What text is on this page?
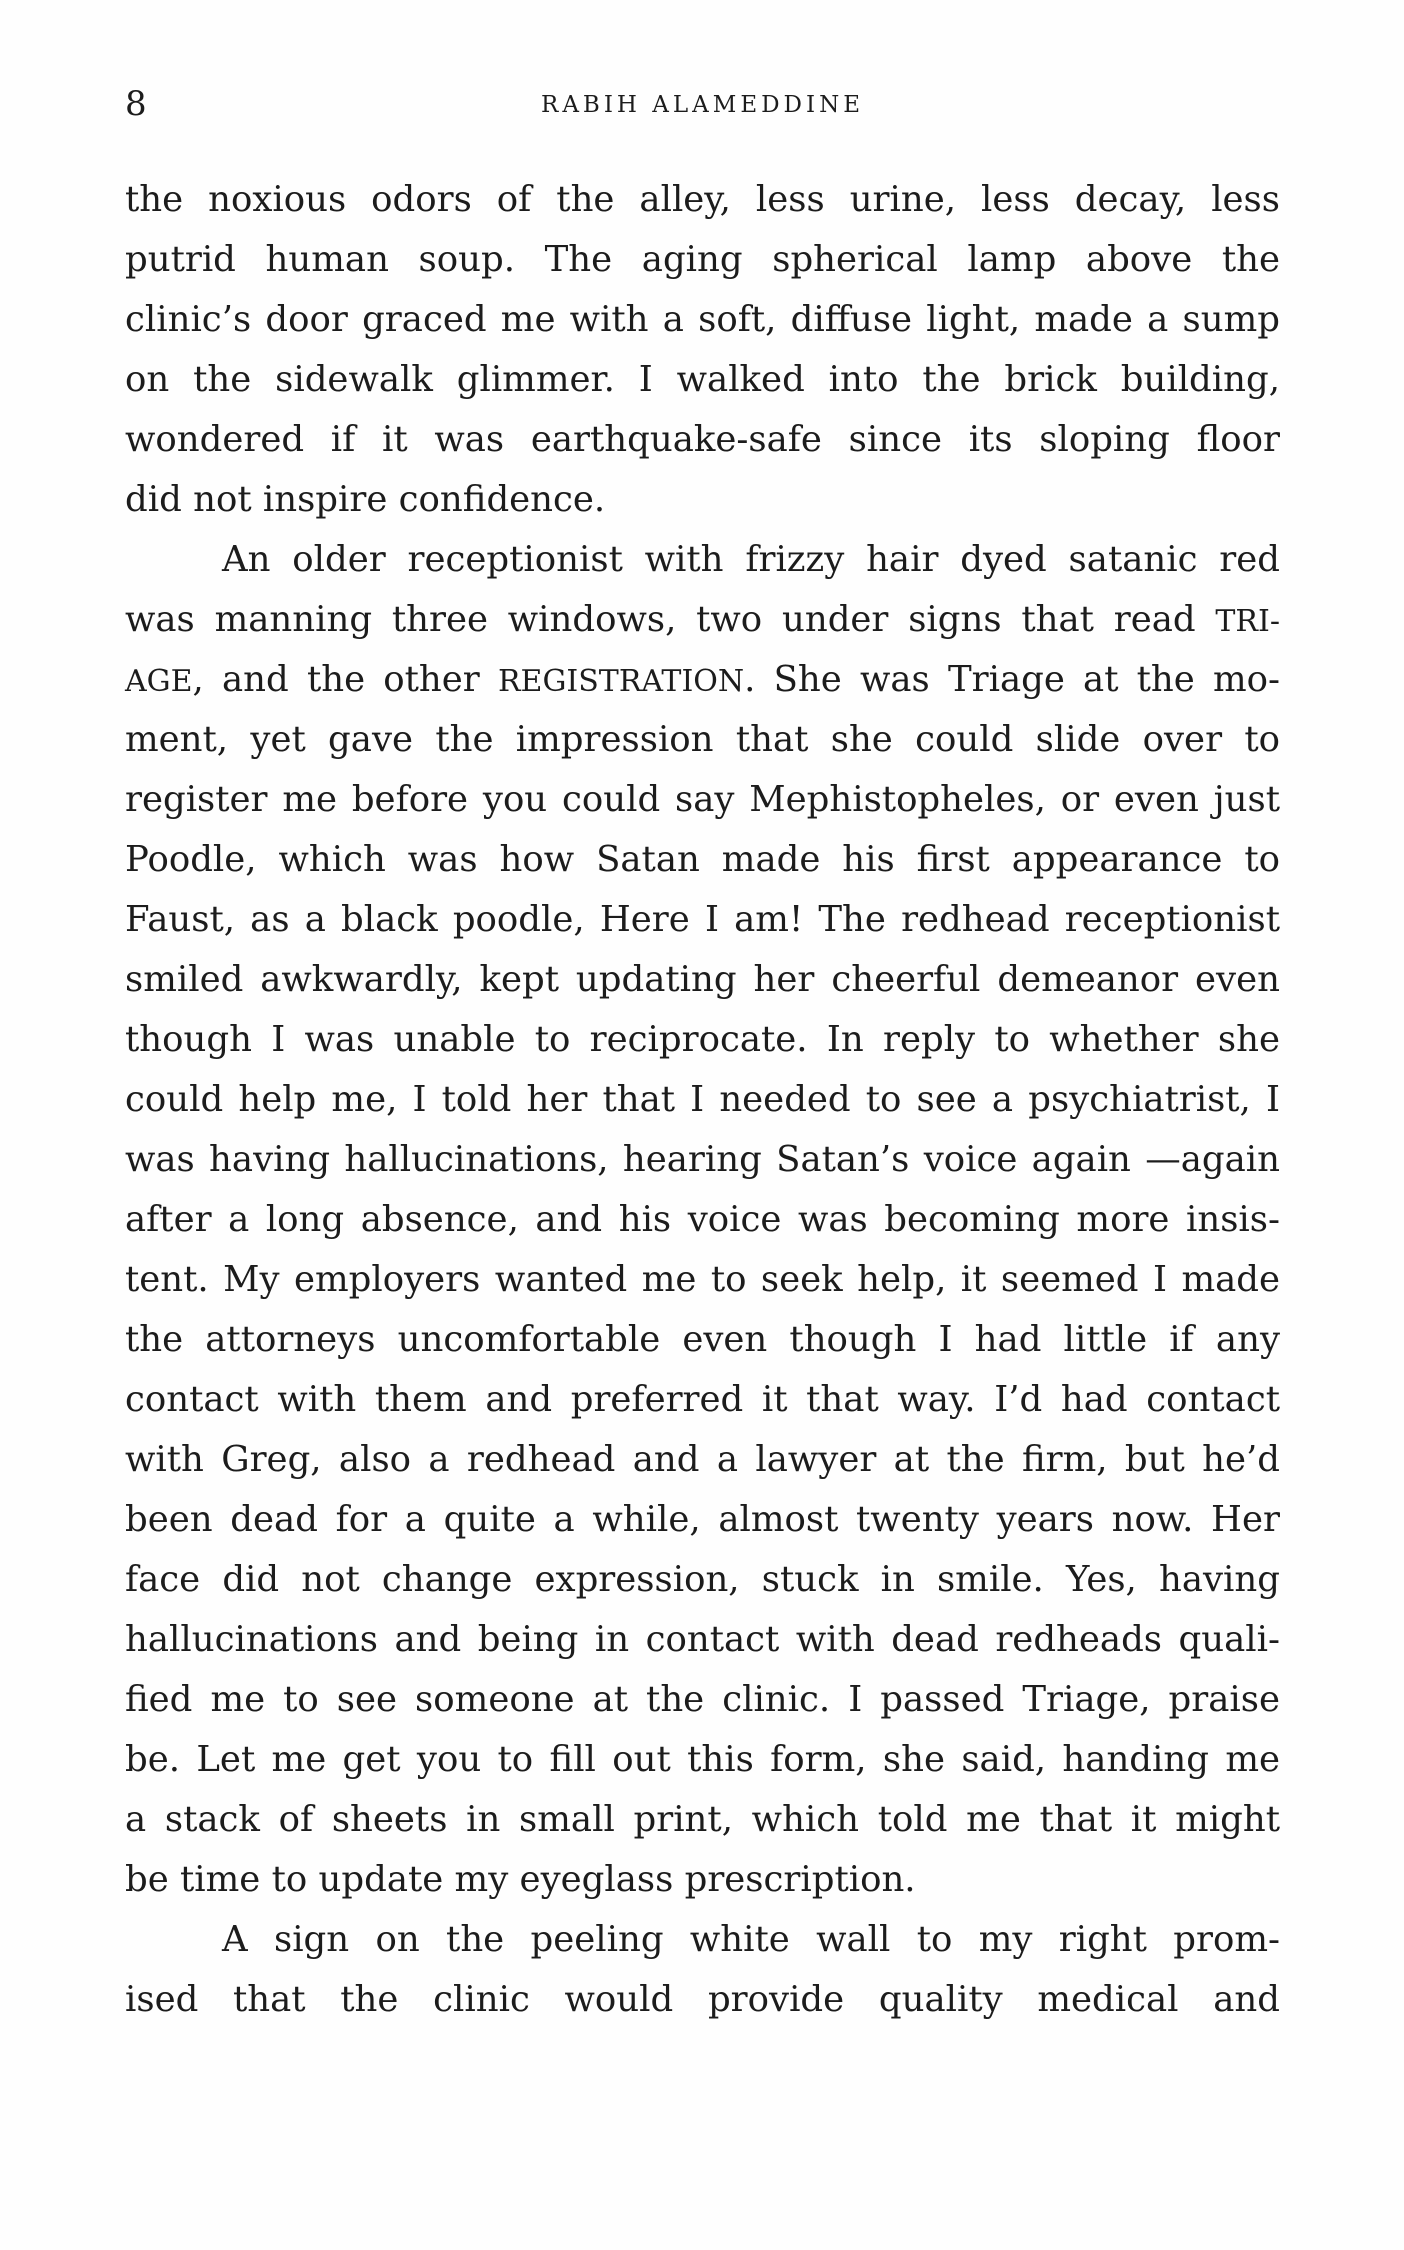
8	RABIH ALAMEDDINE
the noxious odors of the alley, less urine, less decay, less
putrid human soup. The aging spherical lamp above the
clinic’s door graced me with a soft, diffuse light, made a sump
on the sidewalk glimmer. I walked into the brick building,
wondered if it was earthquake-safe since its sloping floor
did not inspire confidence.
An older receptionist with frizzy hair dyed satanic red
was manning three windows, two under signs that read TRI-
AGE, and the other REGISTRATION. She was Triage at the mo-
ment, yet gave the impression that she could slide over to
register me before you could say Mephistopheles, or even just
Poodle, which was how Satan made his first appearance to
Faust, as a black poodle, Here I am! The redhead receptionist
smiled awkwardly, kept updating her cheerful demeanor even
though I was unable to reciprocate. In reply to whether she
could help me, I told her that I needed to see a psychiatrist, I
was having hallucinations, hearing Satan’s voice again —again
after a long absence, and his voice was becoming more insis-
tent. My employers wanted me to seek help, it seemed I made
the attorneys uncomfortable even though I had little if any
contact with them and preferred it that way. I’d had contact
with Greg, also a redhead and a lawyer at the firm, but he’d
been dead for a quite a while, almost twenty years now. Her
face did not change expression, stuck in smile. Yes, having
hallucinations and being in contact with dead redheads quali-
fied me to see someone at the clinic. I passed Triage, praise
be. Let me get you to fill out this form, she said, handing me
a stack of sheets in small print, which told me that it might
be time to update my eyeglass prescription.
A sign on the peeling white wall to my right prom-
ised that the clinic would provide quality medical and
